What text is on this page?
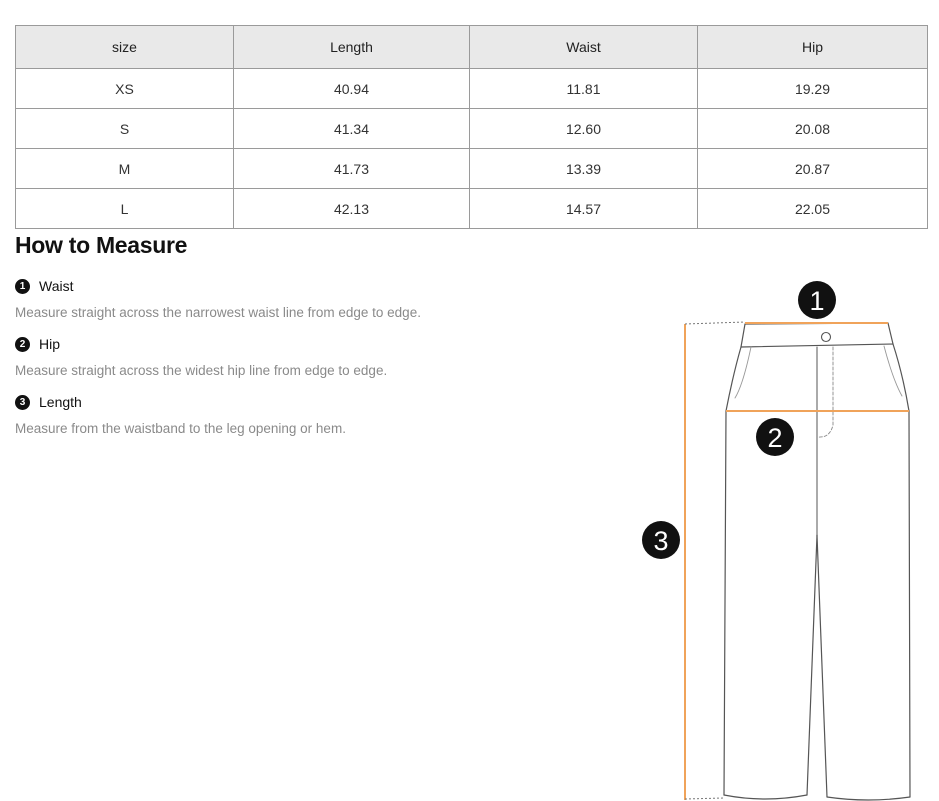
size	Length	Waist	Hip
XS	40.94	11.81	19.29
S	41.34	12.60	20.08
M	41.73	13.39	20.87
L	42.13	14.57	22.05
How to Measure
1 Waist
Measure straight across the narrowest waist line from edge to edge.
2 Hip
Measure straight across the widest hip line from edge to edge.
3 Length
Measure from the waistband to the leg opening or hem.
1
2
3
